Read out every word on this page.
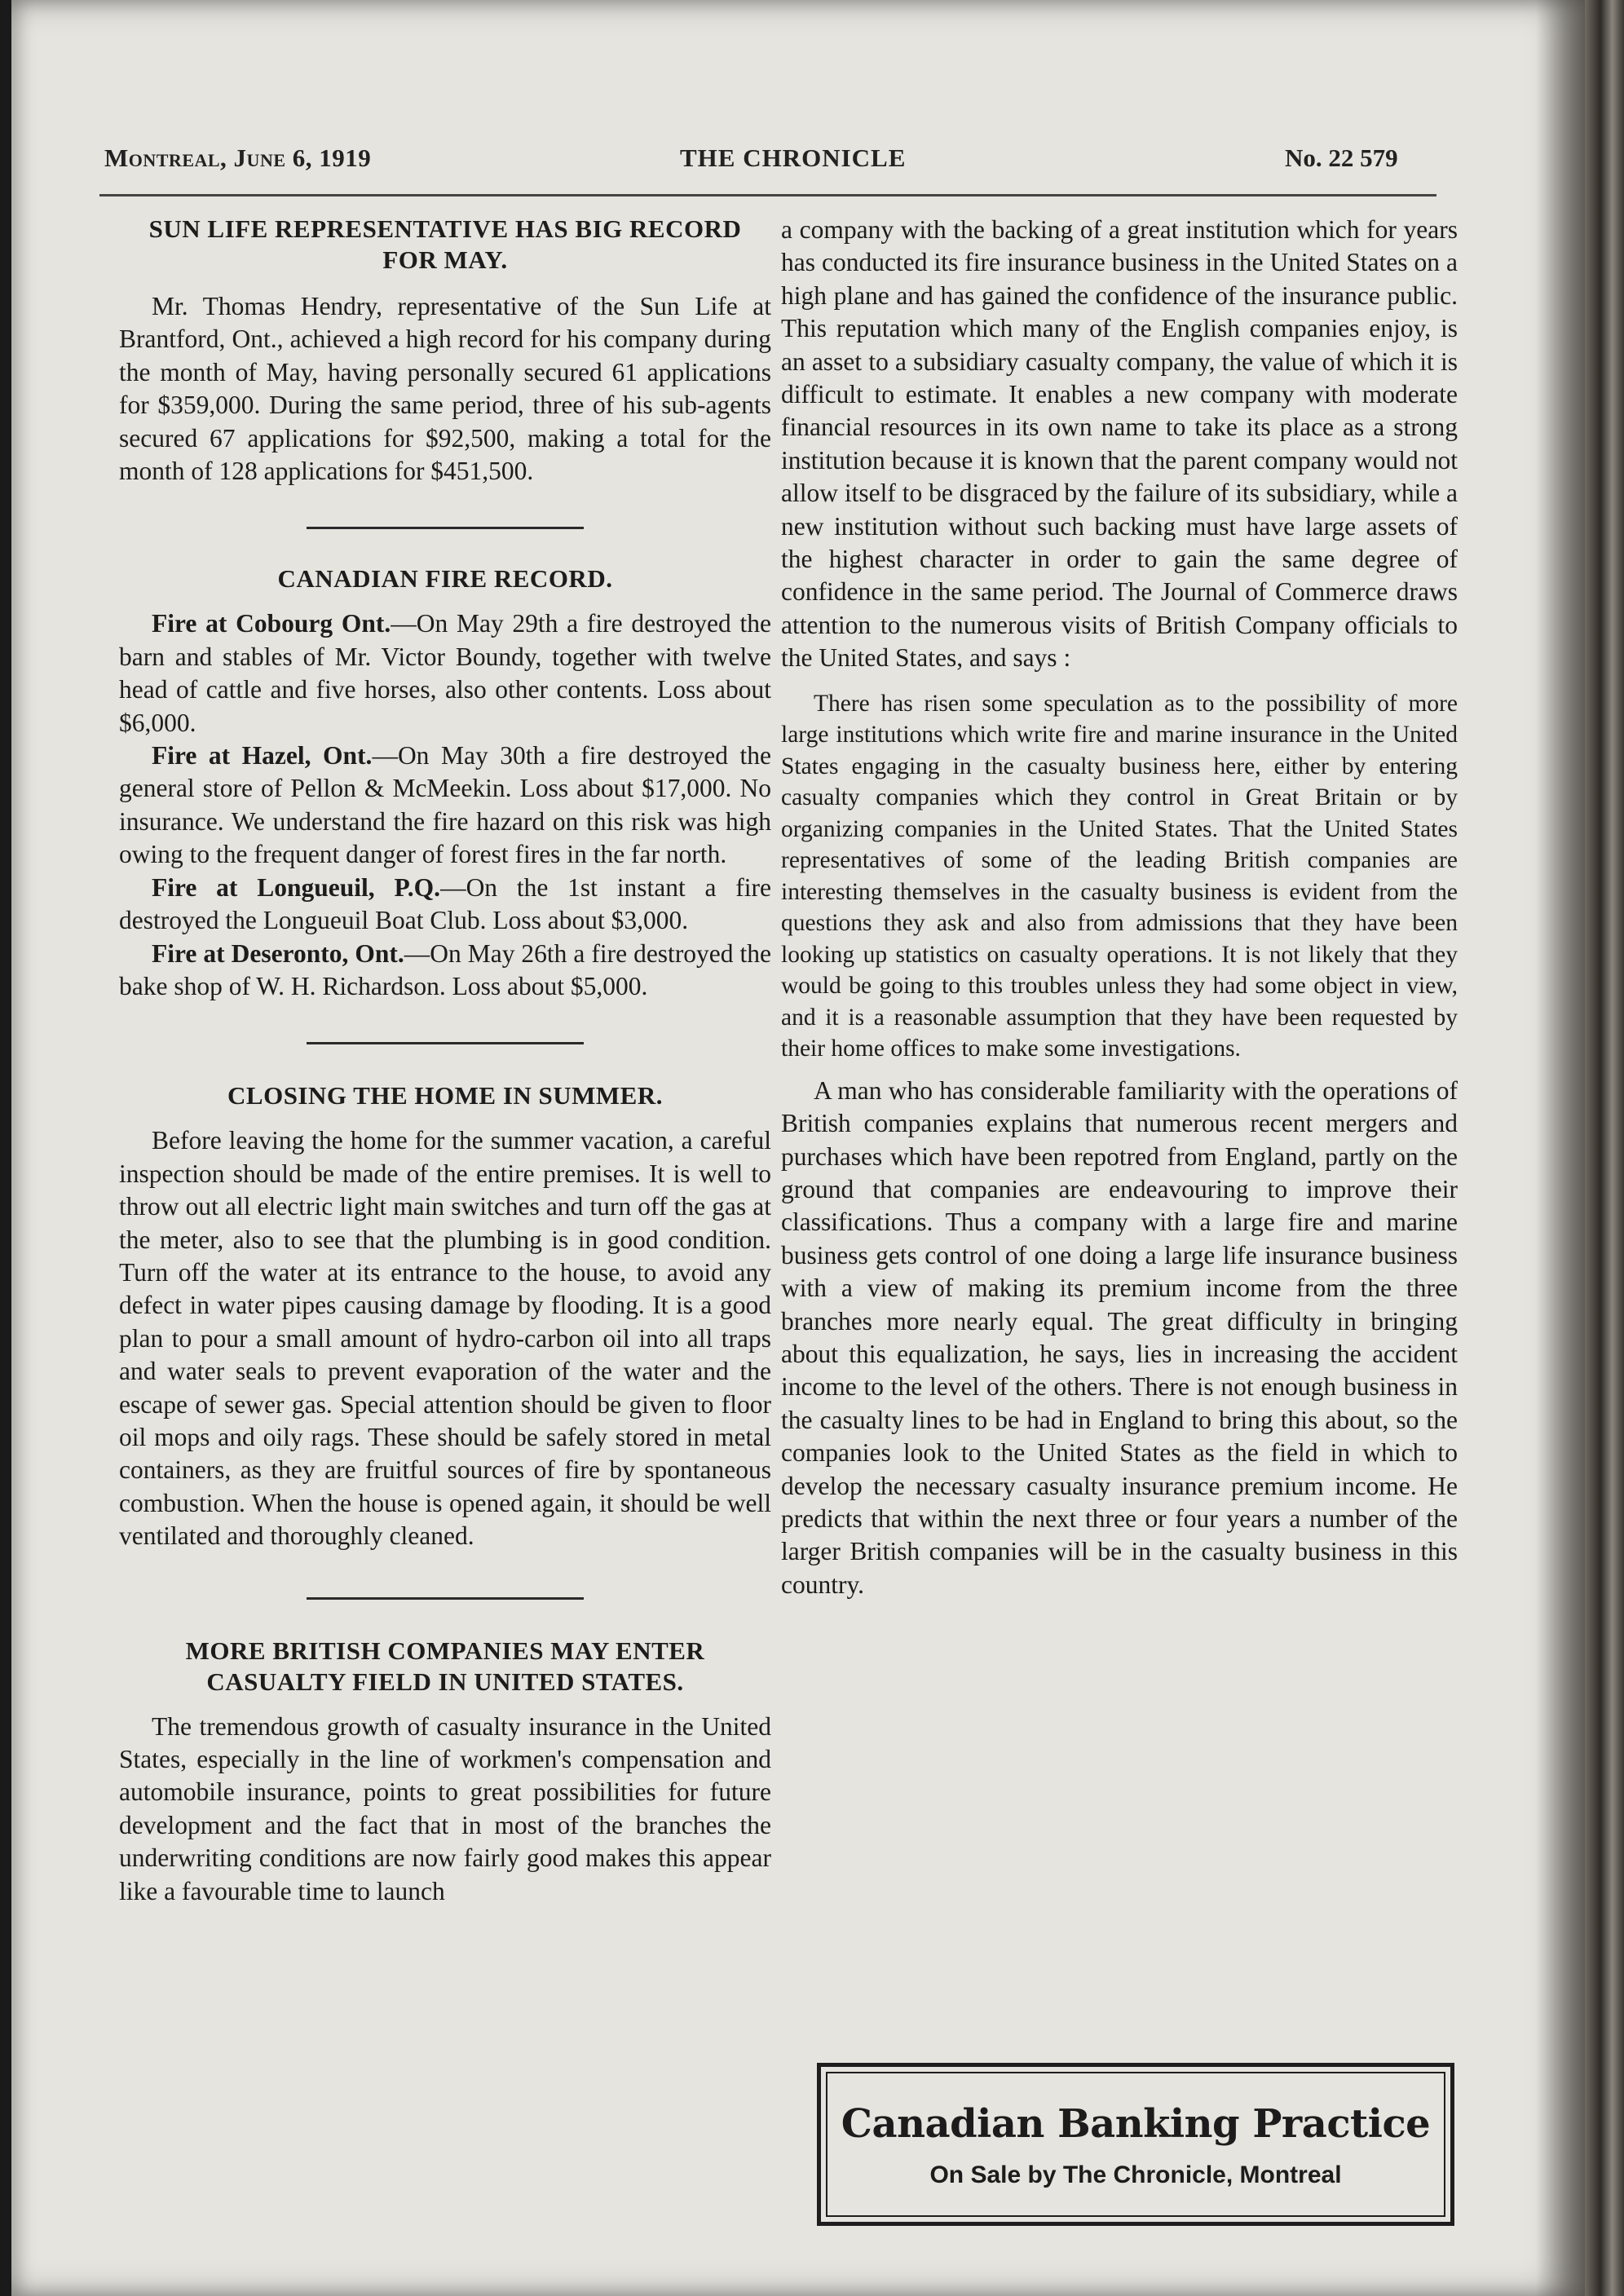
Montreal, June 6, 1919	THE CHRONICLE	No. 22 579
SUN LIFE REPRESENTATIVE HAS BIG RECORD FOR MAY.

Mr. Thomas Hendry, representative of the Sun Life at Brantford, Ont., achieved a high record for his company during the month of May, having personally secured 61 applications for $359,000. During the same period, three of his sub-agents secured 67 applications for $92,500, making a total for the month of 128 applications for $451,500.

CANADIAN FIRE RECORD.

Fire at Cobourg Ont.—On May 29th a fire destroyed the barn and stables of Mr. Victor Boundy, together with twelve head of cattle and five horses, also other contents. Loss about $6,000.

Fire at Hazel, Ont.—On May 30th a fire destroyed the general store of Pellon & McMeekin. Loss about $17,000. No insurance. We understand the fire hazard on this risk was high owing to the frequent danger of forest fires in the far north.

Fire at Longueuil, P.Q.—On the 1st instant a fire destroyed the Longueuil Boat Club. Loss about $3,000.

Fire at Deseronto, Ont.—On May 26th a fire destroyed the bake shop of W. H. Richardson. Loss about $5,000.

CLOSING THE HOME IN SUMMER.

Before leaving the home for the summer vacation, a careful inspection should be made of the entire premises. It is well to throw out all electric light main switches and turn off the gas at the meter, also to see that the plumbing is in good condition. Turn off the water at its entrance to the house, to avoid any defect in water pipes causing damage by flooding. It is a good plan to pour a small amount of hydro-carbon oil into all traps and water seals to prevent evaporation of the water and the escape of sewer gas. Special attention should be given to floor oil mops and oily rags. These should be safely stored in metal containers, as they are fruitful sources of fire by spontaneous combustion. When the house is opened again, it should be well ventilated and thoroughly cleaned.

MORE BRITISH COMPANIES MAY ENTER CASUALTY FIELD IN UNITED STATES.

The tremendous growth of casualty insurance in the United States, especially in the line of workmen's compensation and automobile insurance, points to great possibilities for future development and the fact that in most of the branches the underwriting conditions are now fairly good makes this appear like a favourable time to launch

a company with the backing of a great institution which for years has conducted its fire insurance business in the United States on a high plane and has gained the confidence of the insurance public. This reputation which many of the English companies enjoy, is an asset to a subsidiary casualty company, the value of which it is difficult to estimate. It enables a new company with moderate financial resources in its own name to take its place as a strong institution because it is known that the parent company would not allow itself to be disgraced by the failure of its subsidiary, while a new institution without such backing must have large assets of the highest character in order to gain the same degree of confidence in the same period. The Journal of Commerce draws attention to the numerous visits of British Company officials to the United States, and says :

There has risen some speculation as to the possibility of more large institutions which write fire and marine insurance in the United States engaging in the casualty business here, either by entering casualty companies which they control in Great Britain or by organizing companies in the United States. That the United States representatives of some of the leading British companies are interesting themselves in the casualty business is evident from the questions they ask and also from admissions that they have been looking up statistics on casualty operations. It is not likely that they would be going to this troubles unless they had some object in view, and it is a reasonable assumption that they have been requested by their home offices to make some investigations.

A man who has considerable familiarity with the operations of British companies explains that numerous recent mergers and purchases which have been repotred from England, partly on the ground that companies are endeavouring to improve their classifications. Thus a company with a large fire and marine business gets control of one doing a large life insurance business with a view of making its premium income from the three branches more nearly equal. The great difficulty in bringing about this equalization, he says, lies in increasing the accident income to the level of the others. There is not enough business in the casualty lines to be had in England to bring this about, so the companies look to the United States as the field in which to develop the necessary casualty insurance premium income. He predicts that within the next three or four years a number of the larger British companies will be in the casualty business in this country.

Canadian Banking Practice
On Sale by The Chronicle, Montreal
